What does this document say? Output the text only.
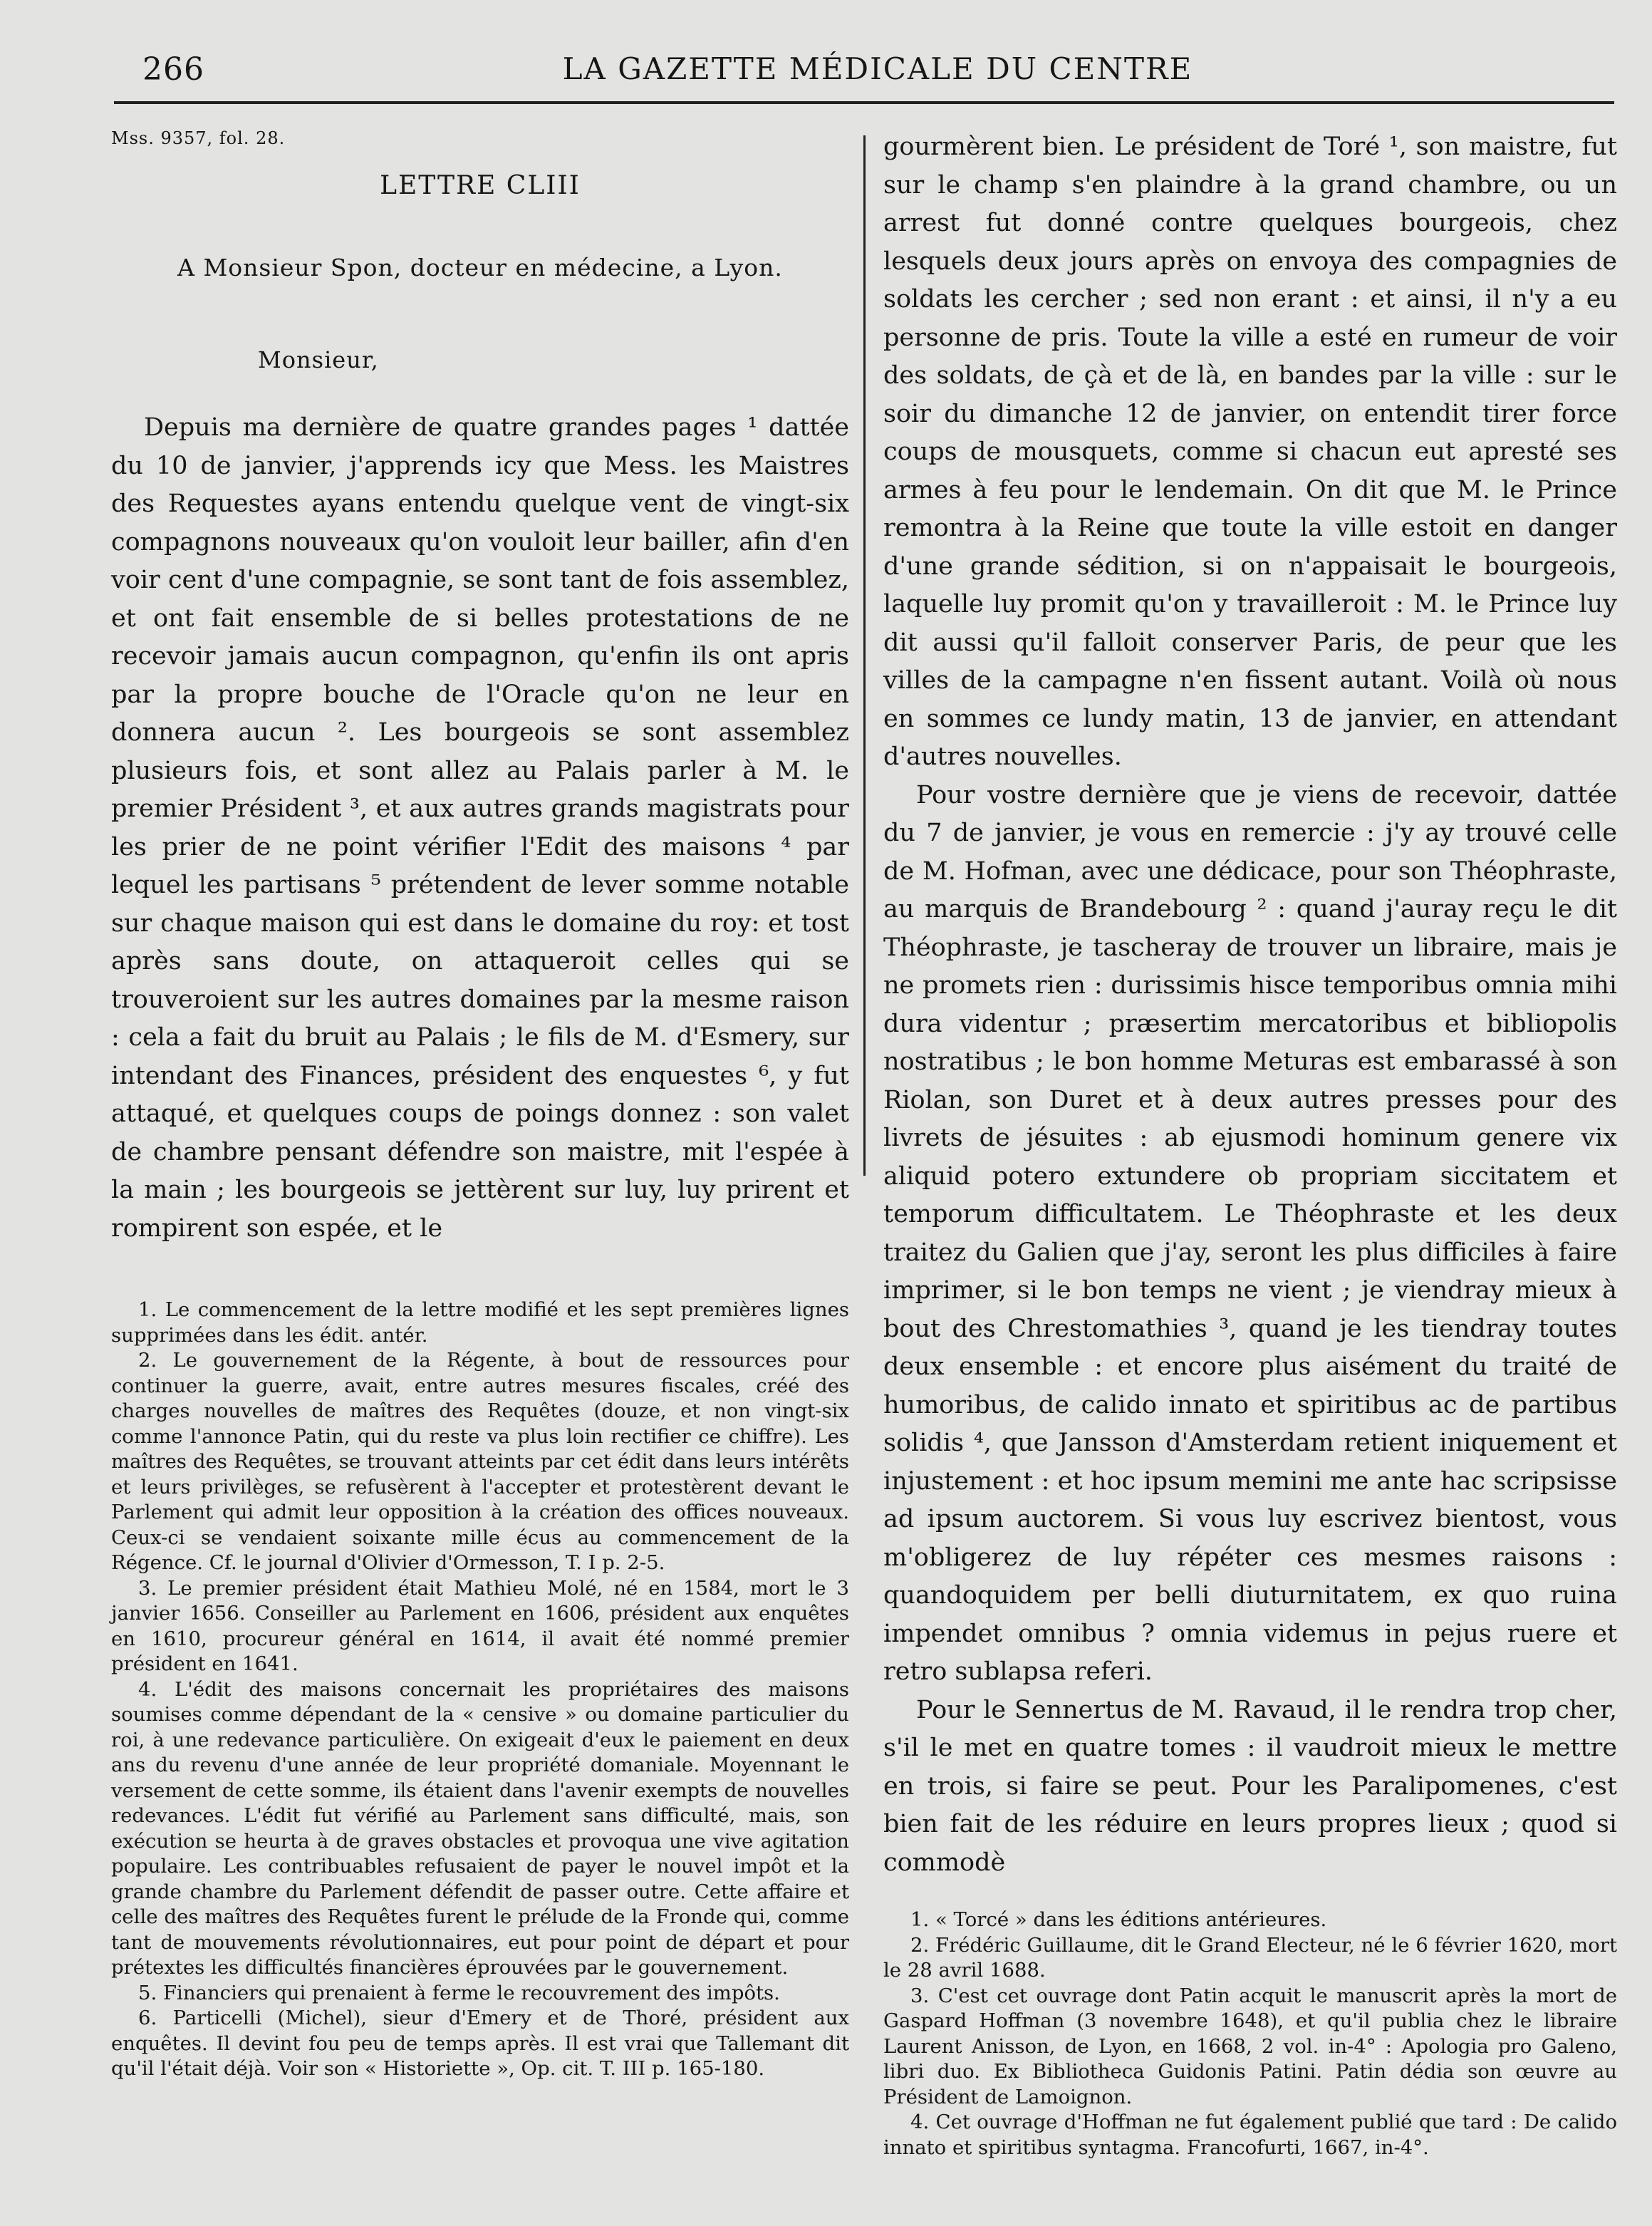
266	LA GAZETTE MÉDICALE DU CENTRE
Mss. 9357, fol. 28.
LETTRE CLIII
A Monsieur Spon, docteur en médecine, a Lyon.
Monsieur,

Depuis ma dernière de quatre grandes pages ¹ dattée du 10 de janvier, j'apprends icy que Mess. les Maistres des Requestes ayans entendu quelque vent de vingt-six compagnons nouveaux qu'on vouloit leur bailler, afin d'en voir cent d'une compagnie, se sont tant de fois assemblez, et ont fait ensemble de si belles protestations de ne recevoir jamais aucun compagnon, qu'enfin ils ont apris par la propre bouche de l'Oracle qu'on ne leur en donnera aucun ². Les bourgeois se sont assemblez plusieurs fois, et sont allez au Palais parler à M. le premier Président ³, et aux autres grands magistrats pour les prier de ne point vérifier l'Edit des maisons ⁴ par lequel les partisans ⁵ prétendent de lever somme notable sur chaque maison qui est dans le domaine du roy: et tost après sans doute, on attaqueroit celles qui se trouveroient sur les autres domaines par la mesme raison : cela a fait du bruit au Palais ; le fils de M. d'Esmery, sur intendant des Finances, président des enquestes ⁶, y fut attaqué, et quelques coups de poings donnez : son valet de chambre pensant défendre son maistre, mit l'espée à la main ; les bourgeois se jettèrent sur luy, luy prirent et rompirent son espée, et le

1. Le commencement de la lettre modifié et les sept premières lignes supprimées dans les édit. antér.

2. Le gouvernement de la Régente, à bout de ressources pour continuer la guerre, avait, entre autres mesures fiscales, créé des charges nouvelles de maîtres des Requêtes (douze, et non vingt-six comme l'annonce Patin, qui du reste va plus loin rectifier ce chiffre). Les maîtres des Requêtes, se trouvant atteints par cet édit dans leurs intérêts et leurs privilèges, se refusèrent à l'accepter et protestèrent devant le Parlement qui admit leur opposition à la création des offices nouveaux. Ceux-ci se vendaient soixante mille écus au commencement de la Régence. Cf. le journal d'Olivier d'Ormesson, T. I p. 2-5.

3. Le premier président était Mathieu Molé, né en 1584, mort le 3 janvier 1656. Conseiller au Parlement en 1606, président aux enquêtes en 1610, procureur général en 1614, il avait été nommé premier président en 1641.

4. L'édit des maisons concernait les propriétaires des maisons soumises comme dépendant de la « censive » ou domaine particulier du roi, à une redevance particulière. On exigeait d'eux le paiement en deux ans du revenu d'une année de leur propriété domaniale. Moyennant le versement de cette somme, ils étaient dans l'avenir exempts de nouvelles redevances. L'édit fut vérifié au Parlement sans difficulté, mais, son exécution se heurta à de graves obstacles et provoqua une vive agitation populaire. Les contribuables refusaient de payer le nouvel impôt et la grande chambre du Parlement défendit de passer outre. Cette affaire et celle des maîtres des Requêtes furent le prélude de la Fronde qui, comme tant de mouvements révolutionnaires, eut pour point de départ et pour prétextes les difficultés financières éprouvées par le gouvernement.

5. Financiers qui prenaient à ferme le recouvrement des impôts.

6. Particelli (Michel), sieur d'Emery et de Thoré, président aux enquêtes. Il devint fou peu de temps après. Il est vrai que Tallemant dit qu'il l'était déjà. Voir son « Historiette », Op. cit. T. III p. 165-180.

gourmèrent bien. Le président de Toré ¹, son maistre, fut sur le champ s'en plaindre à la grand chambre, ou un arrest fut donné contre quelques bourgeois, chez lesquels deux jours après on envoya des compagnies de soldats les cercher ; sed non erant : et ainsi, il n'y a eu personne de pris. Toute la ville a esté en rumeur de voir des soldats, de çà et de là, en bandes par la ville : sur le soir du dimanche 12 de janvier, on entendit tirer force coups de mousquets, comme si chacun eut apresté ses armes à feu pour le lendemain. On dit que M. le Prince remontra à la Reine que toute la ville estoit en danger d'une grande sédition, si on n'appaisait le bourgeois, laquelle luy promit qu'on y travailleroit : M. le Prince luy dit aussi qu'il falloit conserver Paris, de peur que les villes de la campagne n'en fissent autant. Voilà où nous en sommes ce lundy matin, 13 de janvier, en attendant d'autres nouvelles.

Pour vostre dernière que je viens de recevoir, dattée du 7 de janvier, je vous en remercie : j'y ay trouvé celle de M. Hofman, avec une dédicace, pour son Théophraste, au marquis de Brandebourg ² : quand j'auray reçu le dit Théophraste, je tascheray de trouver un libraire, mais je ne promets rien : durissimis hisce temporibus omnia mihi dura videntur ; præsertim mercatoribus et bibliopolis nostratibus ; le bon homme Meturas est embarassé à son Riolan, son Duret et à deux autres presses pour des livrets de jésuites : ab ejusmodi hominum genere vix aliquid potero extundere ob propriam siccitatem et temporum difficultatem. Le Théophraste et les deux traitez du Galien que j'ay, seront les plus difficiles à faire imprimer, si le bon temps ne vient ; je viendray mieux à bout des Chrestomathies ³, quand je les tiendray toutes deux ensemble : et encore plus aisément du traité de humoribus, de calido innato et spiritibus ac de partibus solidis ⁴, que Jansson d'Amsterdam retient iniquement et injustement : et hoc ipsum memini me ante hac scripsisse ad ipsum auctorem. Si vous luy escrivez bientost, vous m'obligerez de luy répéter ces mesmes raisons : quandoquidem per belli diuturnitatem, ex quo ruina impendet omnibus ? omnia videmus in pejus ruere et retro sublapsa referi.

Pour le Sennertus de M. Ravaud, il le rendra trop cher, s'il le met en quatre tomes : il vaudroit mieux le mettre en trois, si faire se peut. Pour les Paralipomenes, c'est bien fait de les réduire en leurs propres lieux ; quod si commodè

1. « Torcé » dans les éditions antérieures.

2. Frédéric Guillaume, dit le Grand Electeur, né le 6 février 1620, mort le 28 avril 1688.

3. C'est cet ouvrage dont Patin acquit le manuscrit après la mort de Gaspard Hoffman (3 novembre 1648), et qu'il publia chez le libraire Laurent Anisson, de Lyon, en 1668, 2 vol. in-4° : Apologia pro Galeno, libri duo. Ex Bibliotheca Guidonis Patini. Patin dédia son œuvre au Président de Lamoignon.

4. Cet ouvrage d'Hoffman ne fut également publié que tard : De calido innato et spiritibus syntagma. Francofurti, 1667, in-4°.
